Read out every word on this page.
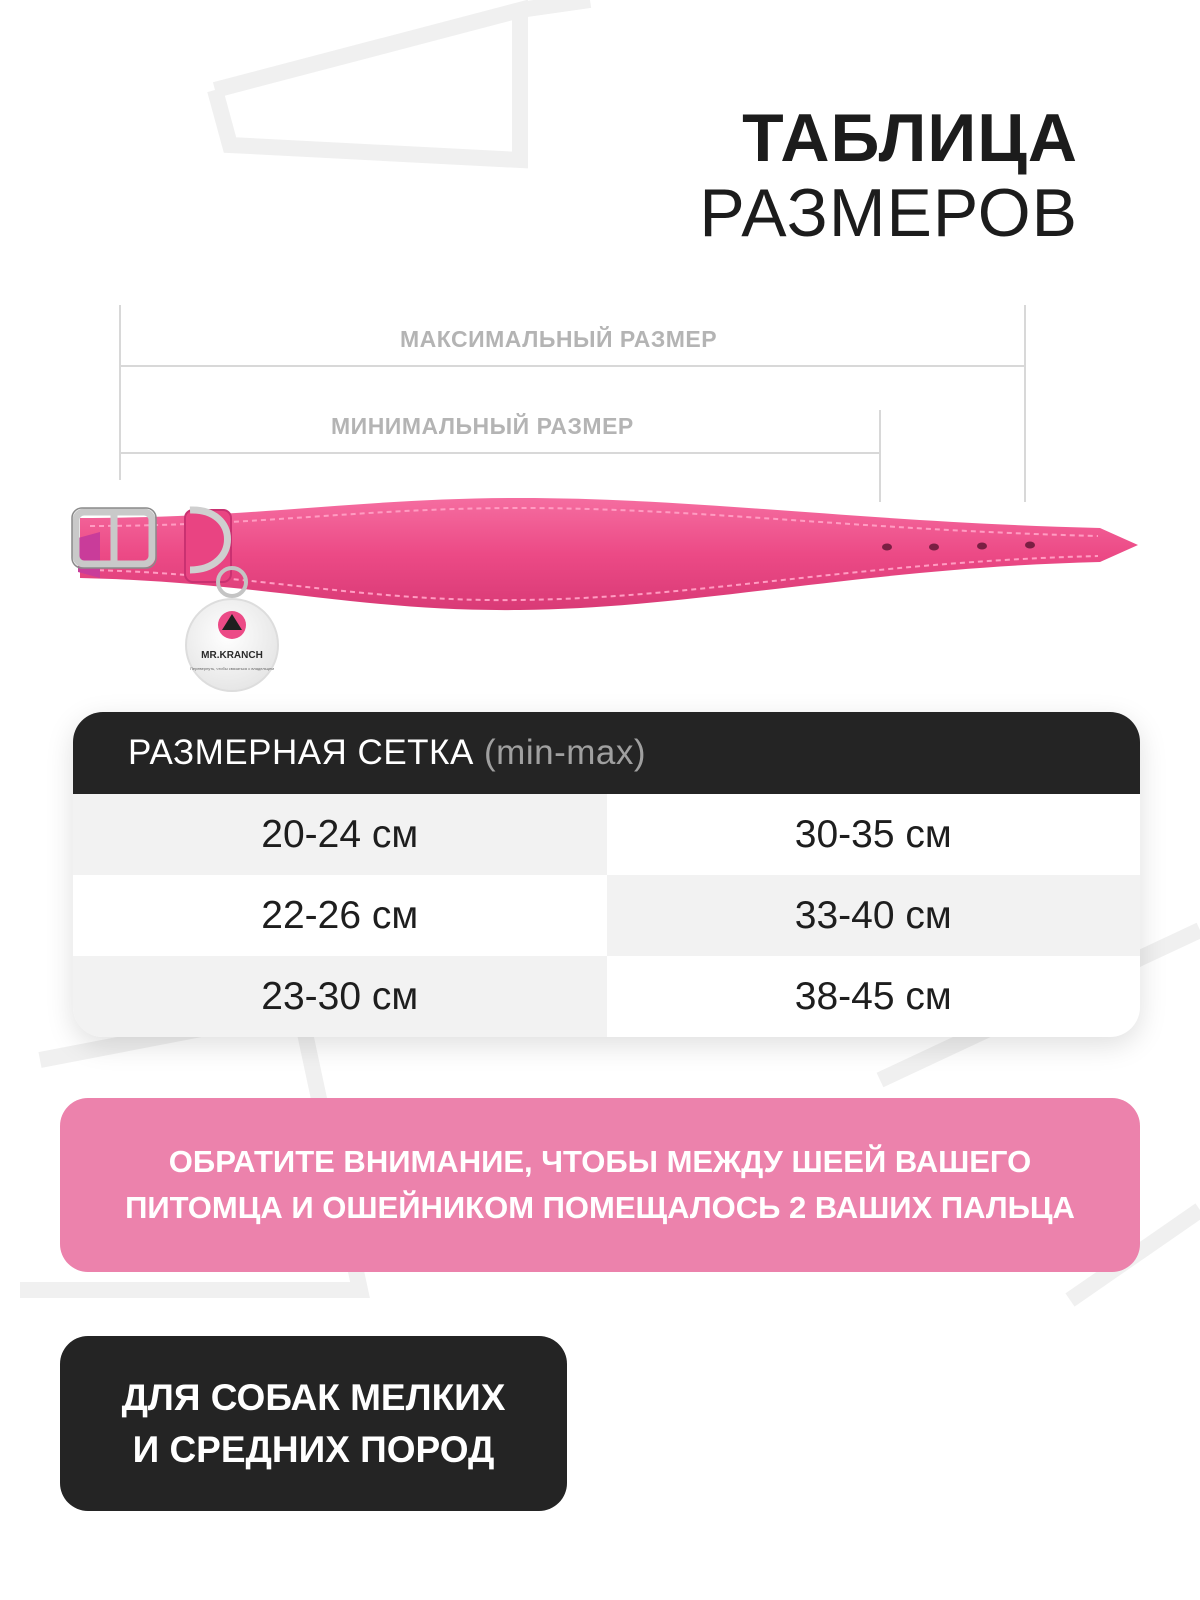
ТАБЛИЦА
РАЗМЕРОВ
МАКСИМАЛЬНЫЙ РАЗМЕР
МИНИМАЛЬНЫЙ РАЗМЕР
MR.KRANCH
Перевернуть, чтобы связаться с владельцем
РАЗМЕРНАЯ СЕТКА (min-max)
20-24 см	30-35 см
22-26 см	33-40 см
23-30 см	38-45 см
ОБРАТИТЕ ВНИМАНИЕ, ЧТОБЫ МЕЖДУ ШЕЕЙ ВАШЕГО
ПИТОМЦА И ОШЕЙНИКОМ ПОМЕЩАЛОСЬ 2 ВАШИХ ПАЛЬЦА
ДЛЯ СОБАК МЕЛКИХ
И СРЕДНИХ ПОРОД
